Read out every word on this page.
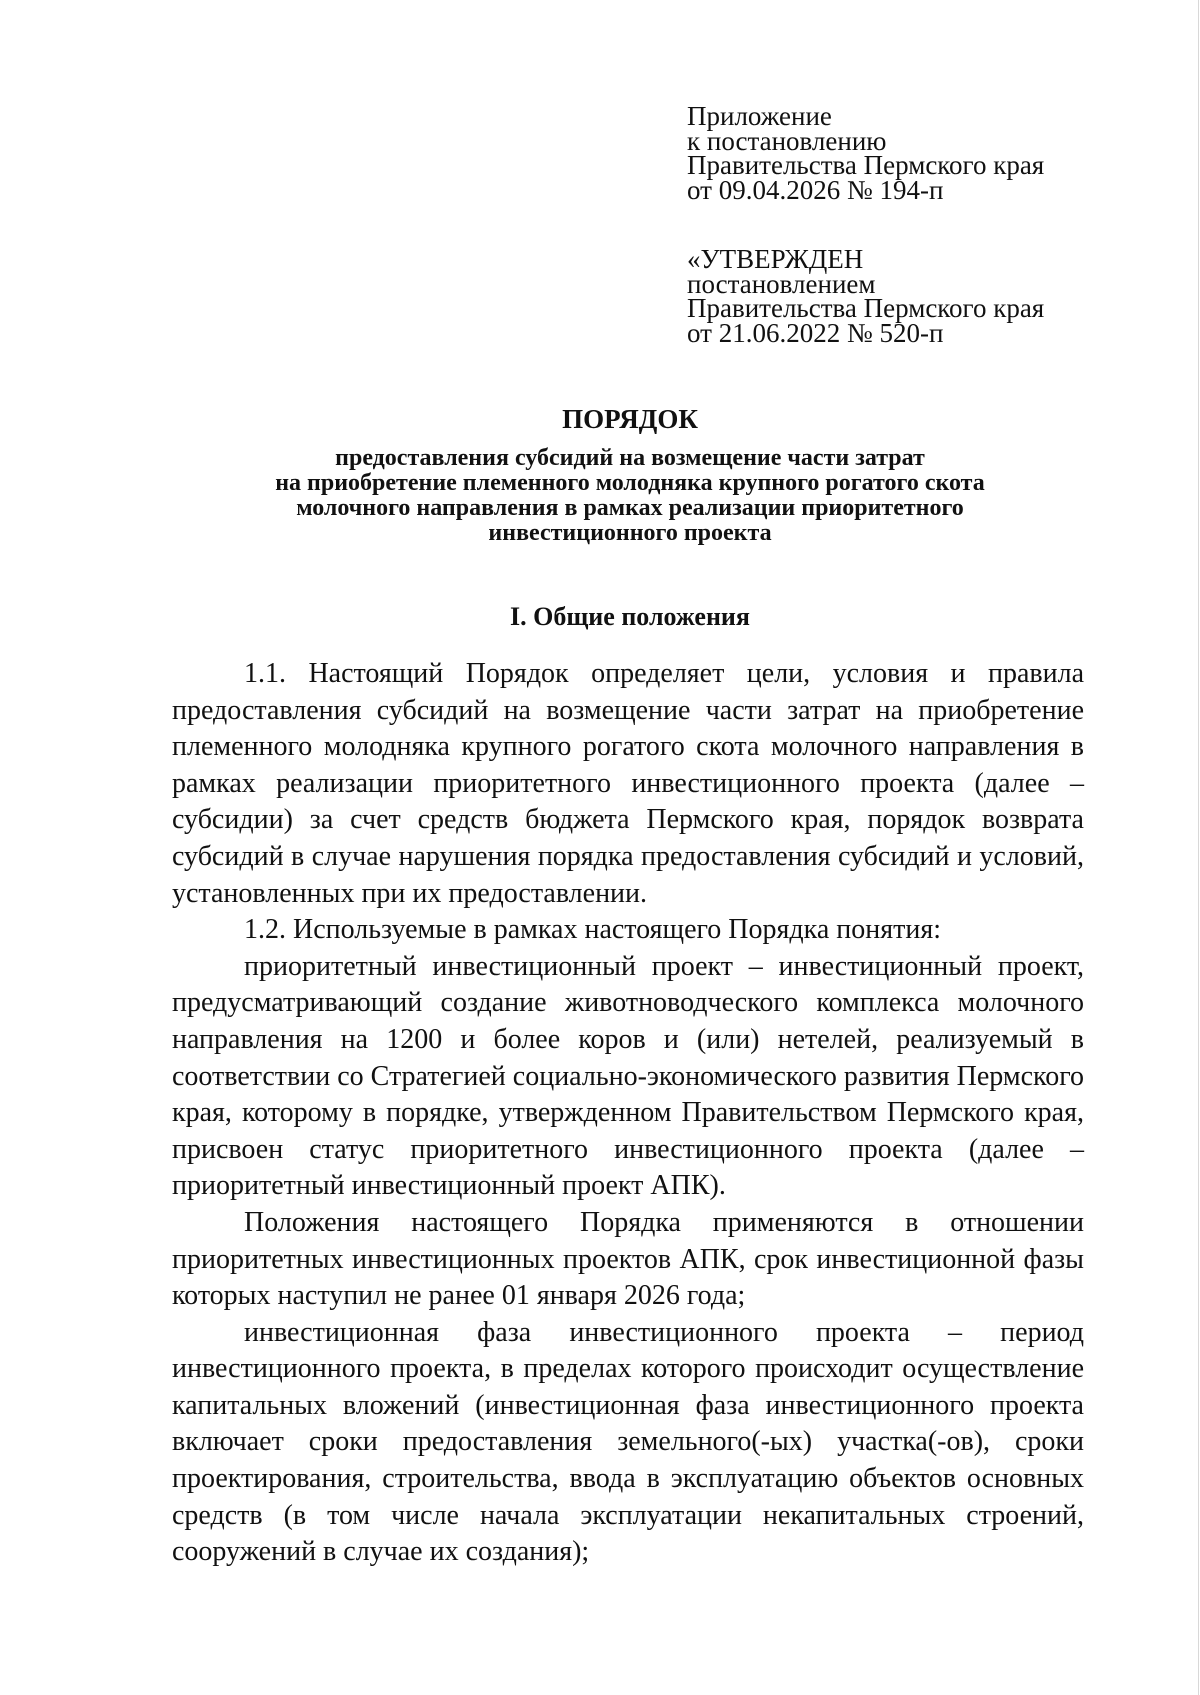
Приложение
к постановлению
Правительства Пермского края
от 09.04.2026 № 194-п
«УТВЕРЖДЕН
постановлением
Правительства Пермского края
от 21.06.2022 № 520-п
ПОРЯДОК
предоставления субсидий на возмещение части затрат
на приобретение племенного молодняка крупного рогатого скота
молочного направления в рамках реализации приоритетного
инвестиционного проекта
I. Общие положения

1.1. Настоящий Порядок определяет цели, условия и правила предоставления субсидий на возмещение части затрат на приобретение племенного молодняка крупного рогатого скота молочного направления в рамках реализации приоритетного инвестиционного проекта (далее – субсидии) за счет средств бюджета Пермского края, порядок возврата субсидий в случае нарушения порядка предоставления субсидий и условий, установленных при их предоставлении.

1.2. Используемые в рамках настоящего Порядка понятия:

приоритетный инвестиционный проект – инвестиционный проект, предусматривающий создание животноводческого комплекса молочного направления на 1200 и более коров и (или) нетелей, реализуемый в соответствии со Стратегией социально-экономического развития Пермского края, которому в порядке, утвержденном Правительством Пермского края, присвоен статус приоритетного инвестиционного проекта (далее – приоритетный инвестиционный проект АПК).

Положения настоящего Порядка применяются в отношении приоритетных инвестиционных проектов АПК, срок инвестиционной фазы которых наступил не ранее 01 января 2026 года;

инвестиционная фаза инвестиционного проекта – период инвестиционного проекта, в пределах которого происходит осуществление капитальных вложений (инвестиционная фаза инвестиционного проекта включает сроки предоставления земельного(-ых) участка(-ов), сроки проектирования, строительства, ввода в эксплуатацию объектов основных средств (в том числе начала эксплуатации некапитальных строений, сооружений в случае их создания);
